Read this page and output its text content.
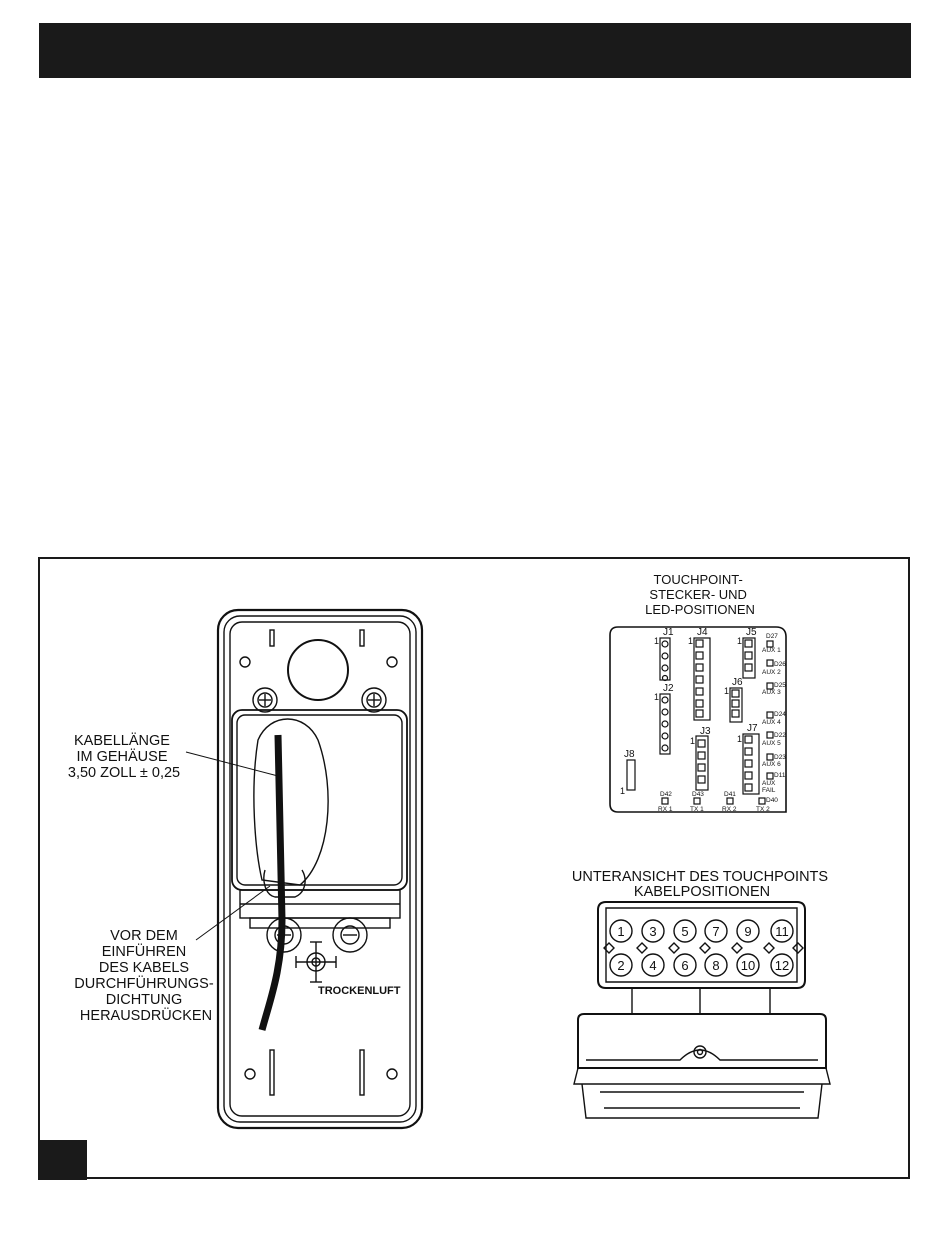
KABELLÄNGE IM GEHÄUSE 3,50 ZOLL ± 0,25
VOR DEM EINFÜHREN DES KABELS DURCHFÜHRUNGS- DICHTUNG HERAUSDRÜCKEN
TROCKENLUFT
TOUCHPOINT- STECKER- UND LED-POSITIONEN
J1
J2
J3
J4	J5
J6
J7
J8
1
1
1
1
1
1
1
1
D27
AUX 1
D26
AUX 2
D25
AUX 3
D24
AUX 4
D22
AUX 5
D23
AUX 6
D11
AUX
FAIL
D42
RX 1
D43
TX 1
D41
RX 2
D40
TX 2
UNTERANSICHT DES TOUCHPOINTS KABELPOSITIONEN
1 3 5 7 9 11
2 4 6 8 10 12
